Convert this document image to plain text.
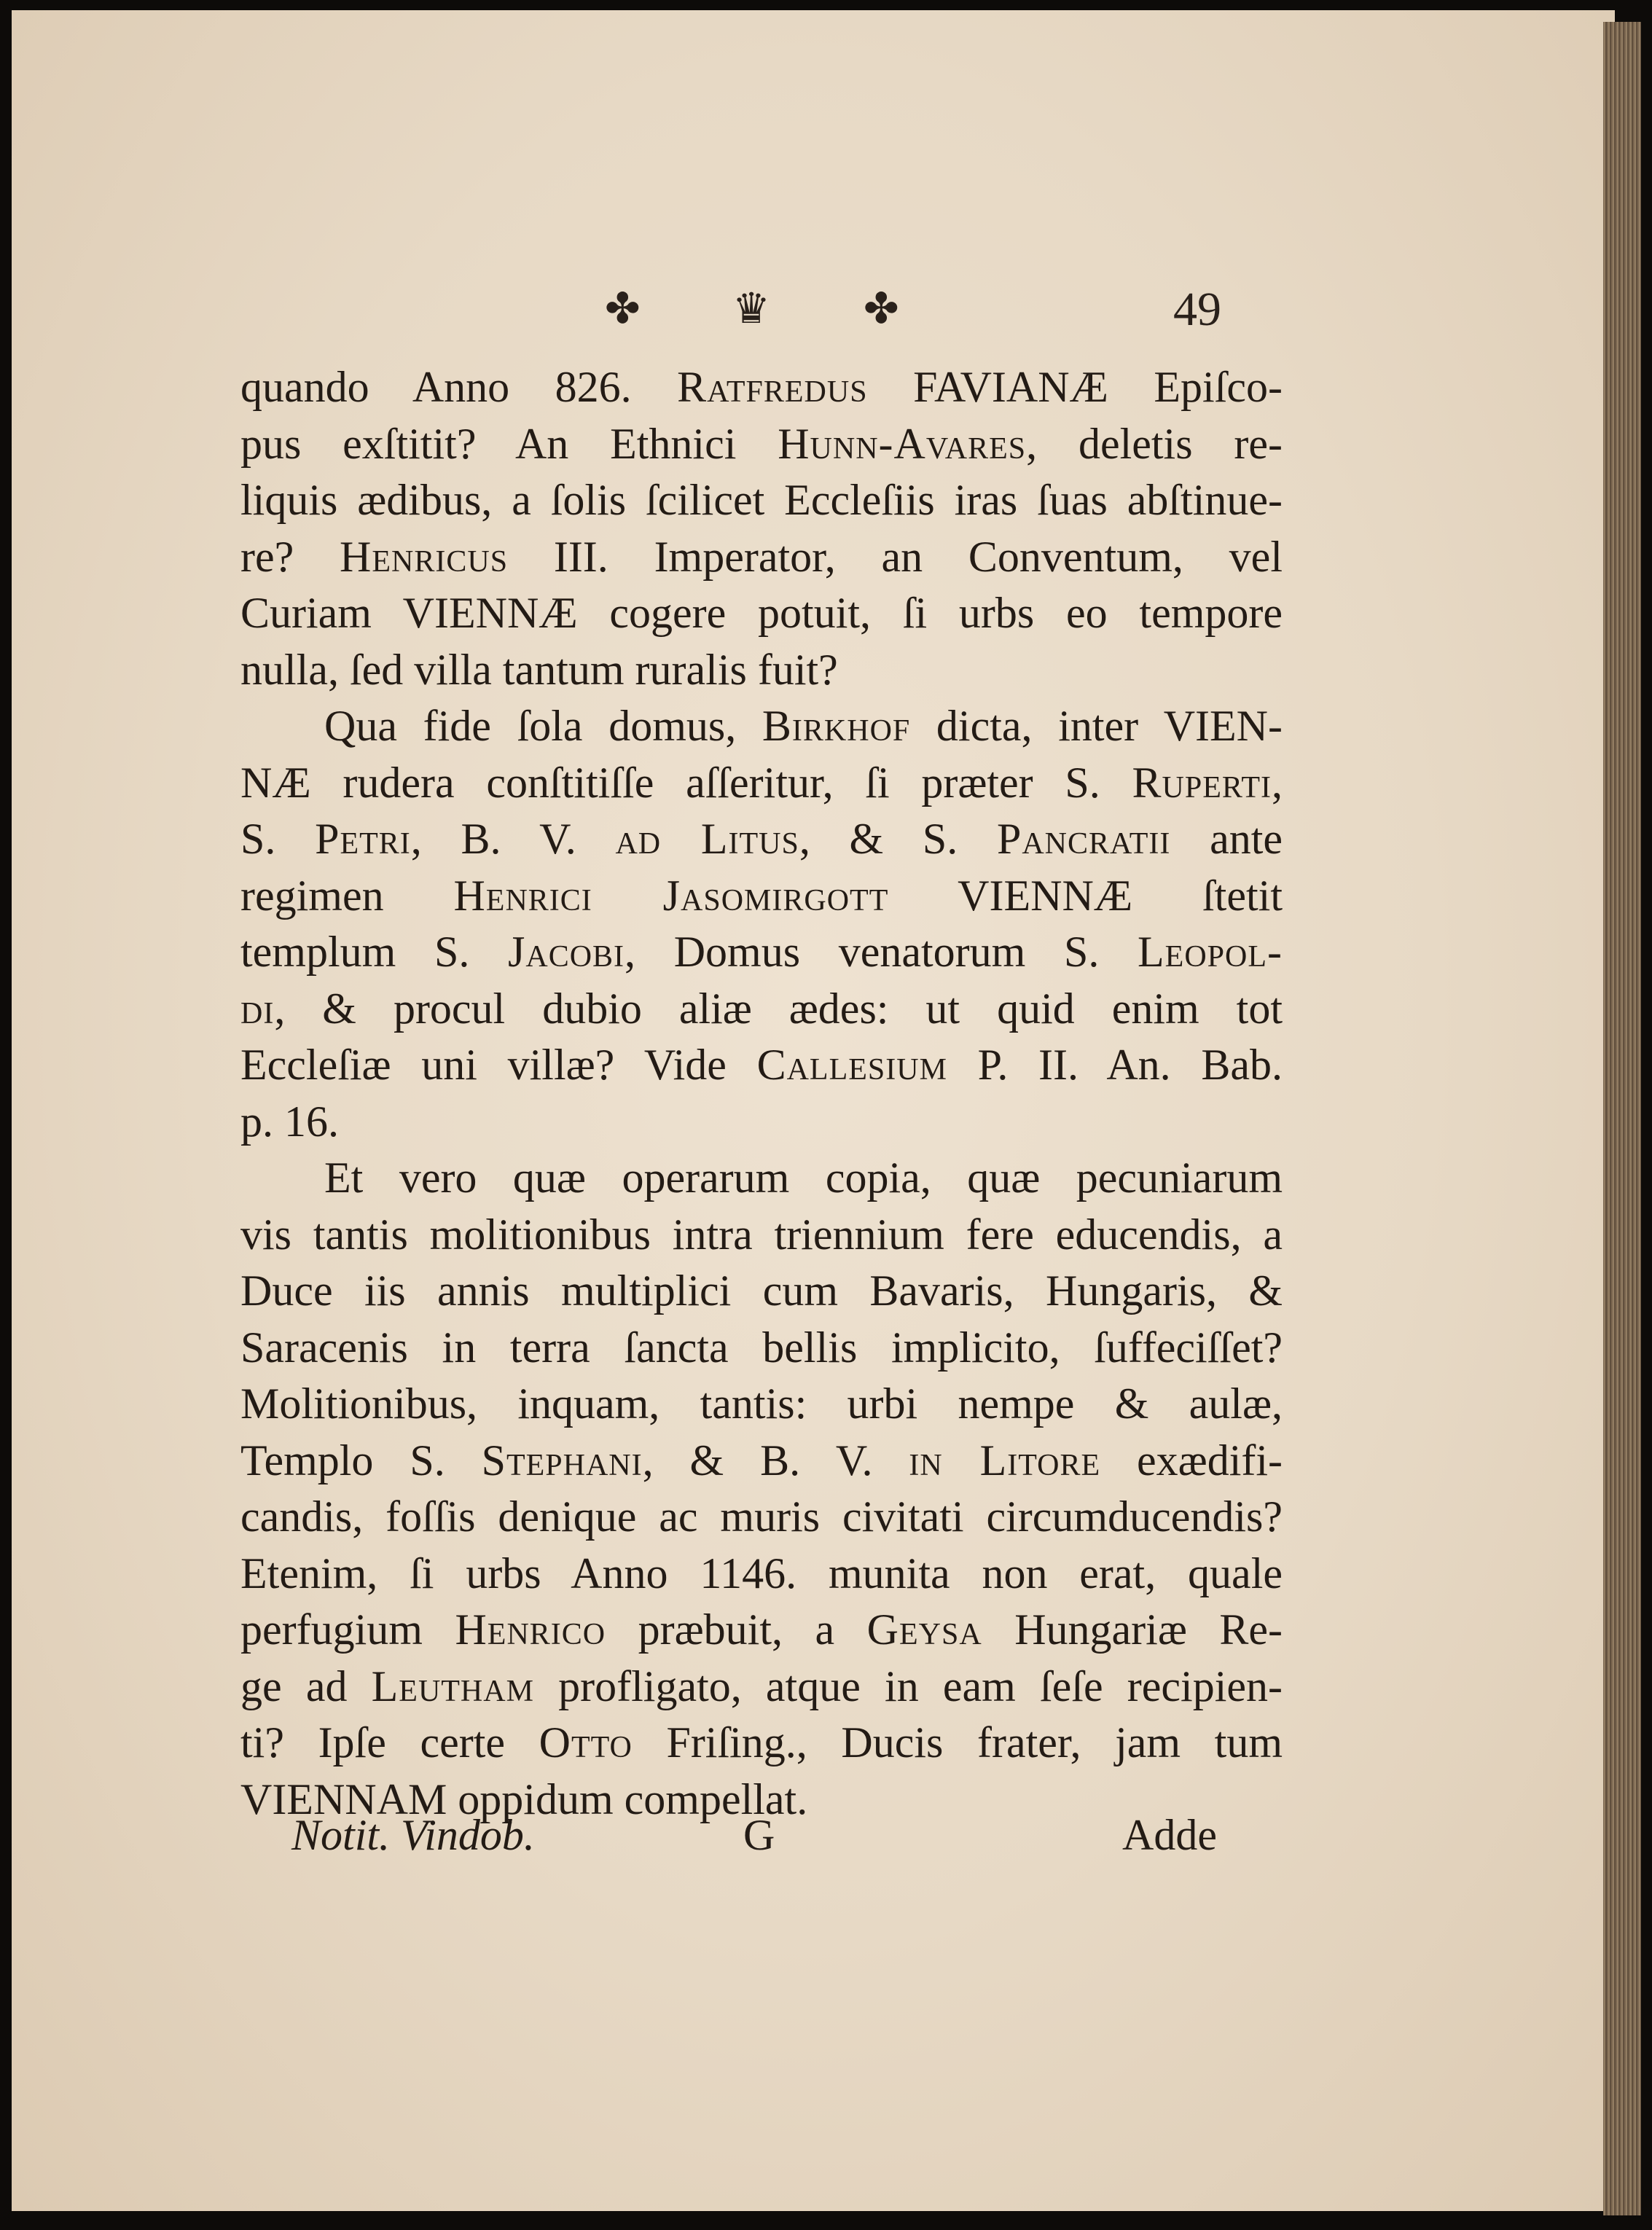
✤ ♛ ✤	49
quando Anno 826. Ratfredus FAVIANÆ Epiſco-
pus exſtitit? An Ethnici Hunn-Avares, deletis re-
liquis ædibus, a ſolis ſcilicet Eccleſiis iras ſuas abſtinue-
re? Henricus III. Imperator, an Conventum, vel
Curiam VIENNÆ cogere potuit, ſi urbs eo tempore
nulla, ſed villa tantum ruralis fuit?
Qua fide ſola domus, Birkhof dicta, inter VIEN-
NÆ rudera conſtitiſſe aſſeritur, ſi præter S. Ruperti,
S. Petri, B. V. ad Litus, & S. Pancratii ante
regimen Henrici Jasomirgott VIENNÆ ſtetit
templum S. Jacobi, Domus venatorum S. Leopol-
di, & procul dubio aliæ ædes: ut quid enim tot
Eccleſiæ uni villæ? Vide Callesium P. II. An. Bab.
p. 16.
Et vero quæ operarum copia, quæ pecuniarum
vis tantis molitionibus intra triennium fere educendis, a
Duce iis annis multiplici cum Bavaris, Hungaris, &
Saracenis in terra ſancta bellis implicito, ſuffeciſſet?
Molitionibus, inquam, tantis: urbi nempe & aulæ,
Templo S. Stephani, & B. V. in Litore exædifi-
candis, foſſis denique ac muris civitati circumducendis?
Etenim, ſi urbs Anno 1146. munita non erat, quale
perfugium Henrico præbuit, a Geysa Hungariæ Re-
ge ad Leutham profligato, atque in eam ſeſe recipien-
ti? Ipſe certe Otto Friſing., Ducis frater, jam tum
VIENNAM oppidum compellat.
Notit. Vindob.	G	Adde
